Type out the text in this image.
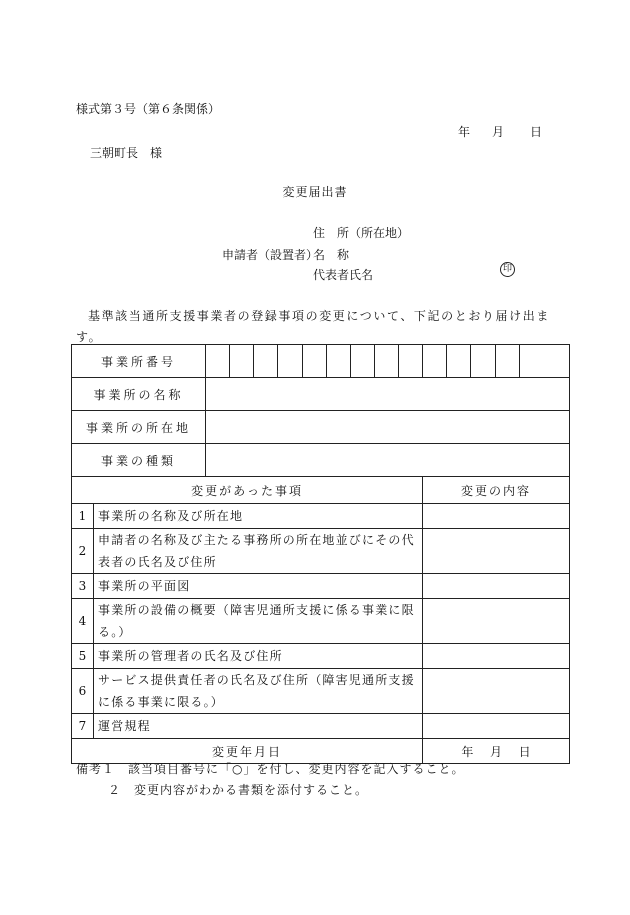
様式第３号（第６条関係）
年 月 日
三朝町長　様
変更届出書
住　所（所在地）
申請者（設置者）
名　称
代表者氏名	印
基準該当通所支援事業者の登録事項の変更について、下記のとおり届け出ます。
事業所番号															
事業所の名称															
事業所の所在地															
事業の種類															
変更があった事項											変更の内容				
1	事業所の名称及び所在地														
2	申請者の名称及び主たる事務所の所在地並びにその代表者の氏名及び住所														
3	事業所の平面図														
4	事業所の設備の概要（障害児通所支援に係る事業に限る。）														
5	事業所の管理者の氏名及び住所														
6	サービス提供責任者の氏名及び住所（障害児通所支援に係る事業に限る。）														
7	運営規程														
変更年月日											年 月 日				
備考１　該当項目番号に「○」を付し、変更内容を記入すること。
２　変更内容がわかる書類を添付すること。
